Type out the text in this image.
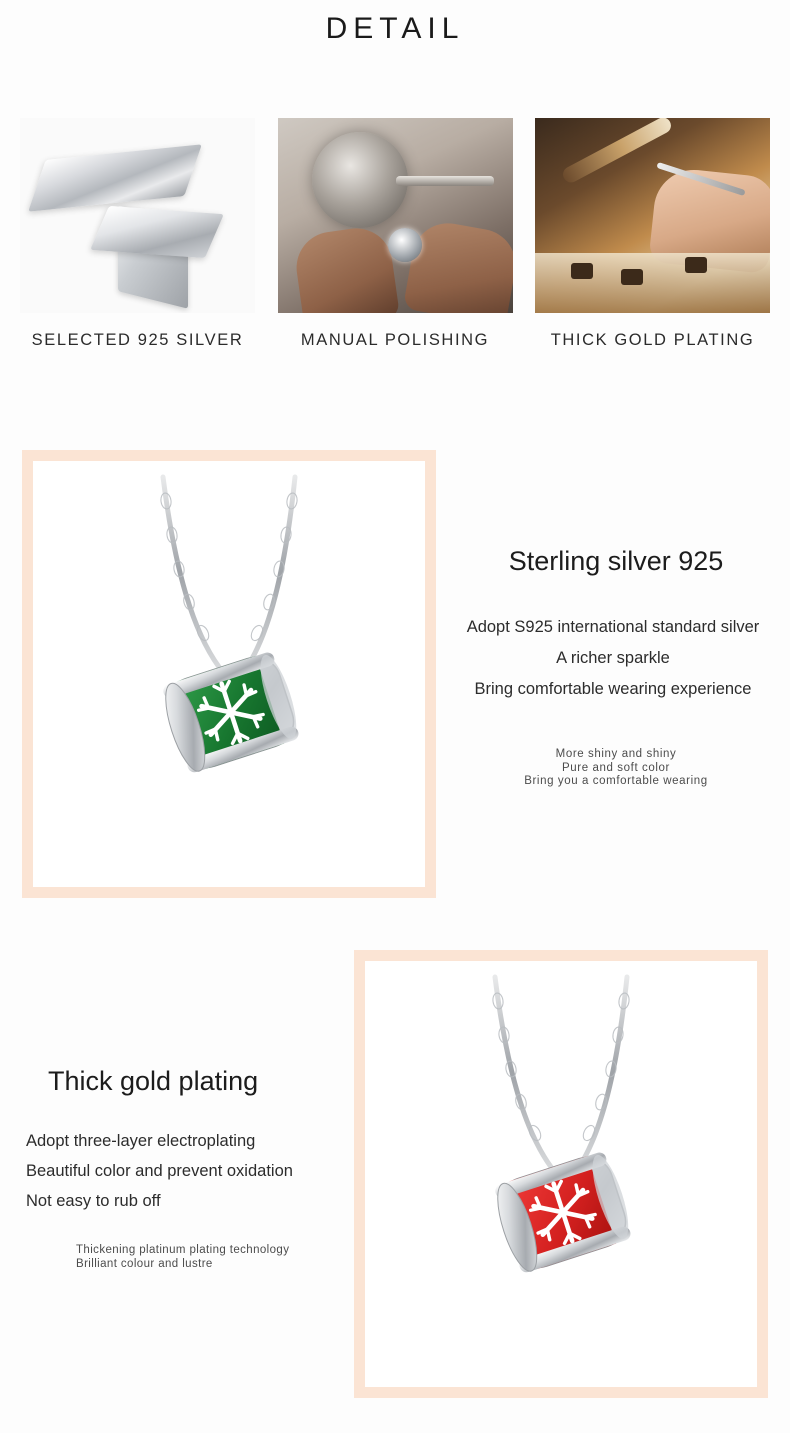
DETAIL
SELECTED 925 SILVER	MANUAL POLISHING	THICK GOLD PLATING
Sterling silver 925
Adopt S925 international standard silver
A richer sparkle
Bring comfortable wearing experience
More shiny and shiny
Pure and soft color
Bring you a comfortable wearing
Thick gold plating
Adopt three-layer electroplating
Beautiful color and prevent oxidation
Not easy to rub off
Thickening platinum plating technology
Brilliant colour and lustre
